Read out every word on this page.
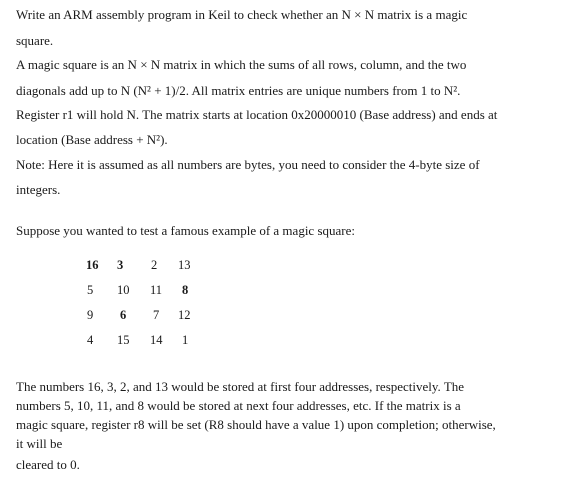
Write an ARM assembly program in Keil to check whether an N × N matrix is a magic
square.
A magic square is an N × N matrix in which the sums of all rows, column, and the two
diagonals add up to N (N² + 1)/2. All matrix entries are unique numbers from 1 to N².
Register r1 will hold N. The matrix starts at location 0x20000010 (Base address) and ends at
location (Base address + N²).
Note: Here it is assumed as all numbers are bytes, you need to consider the 4-byte size of
integers.
Suppose you wanted to test a famous example of a magic square:
16 3 2 13
5 10 11 8
9 6 7 12
4 15 14 1
The numbers 16, 3, 2, and 13 would be stored at first four addresses, respectively. The
numbers 5, 10, 11, and 8 would be stored at next four addresses, etc. If the matrix is a
magic square, register r8 will be set (R8 should have a value 1) upon completion; otherwise,
it will be
cleared to 0.
